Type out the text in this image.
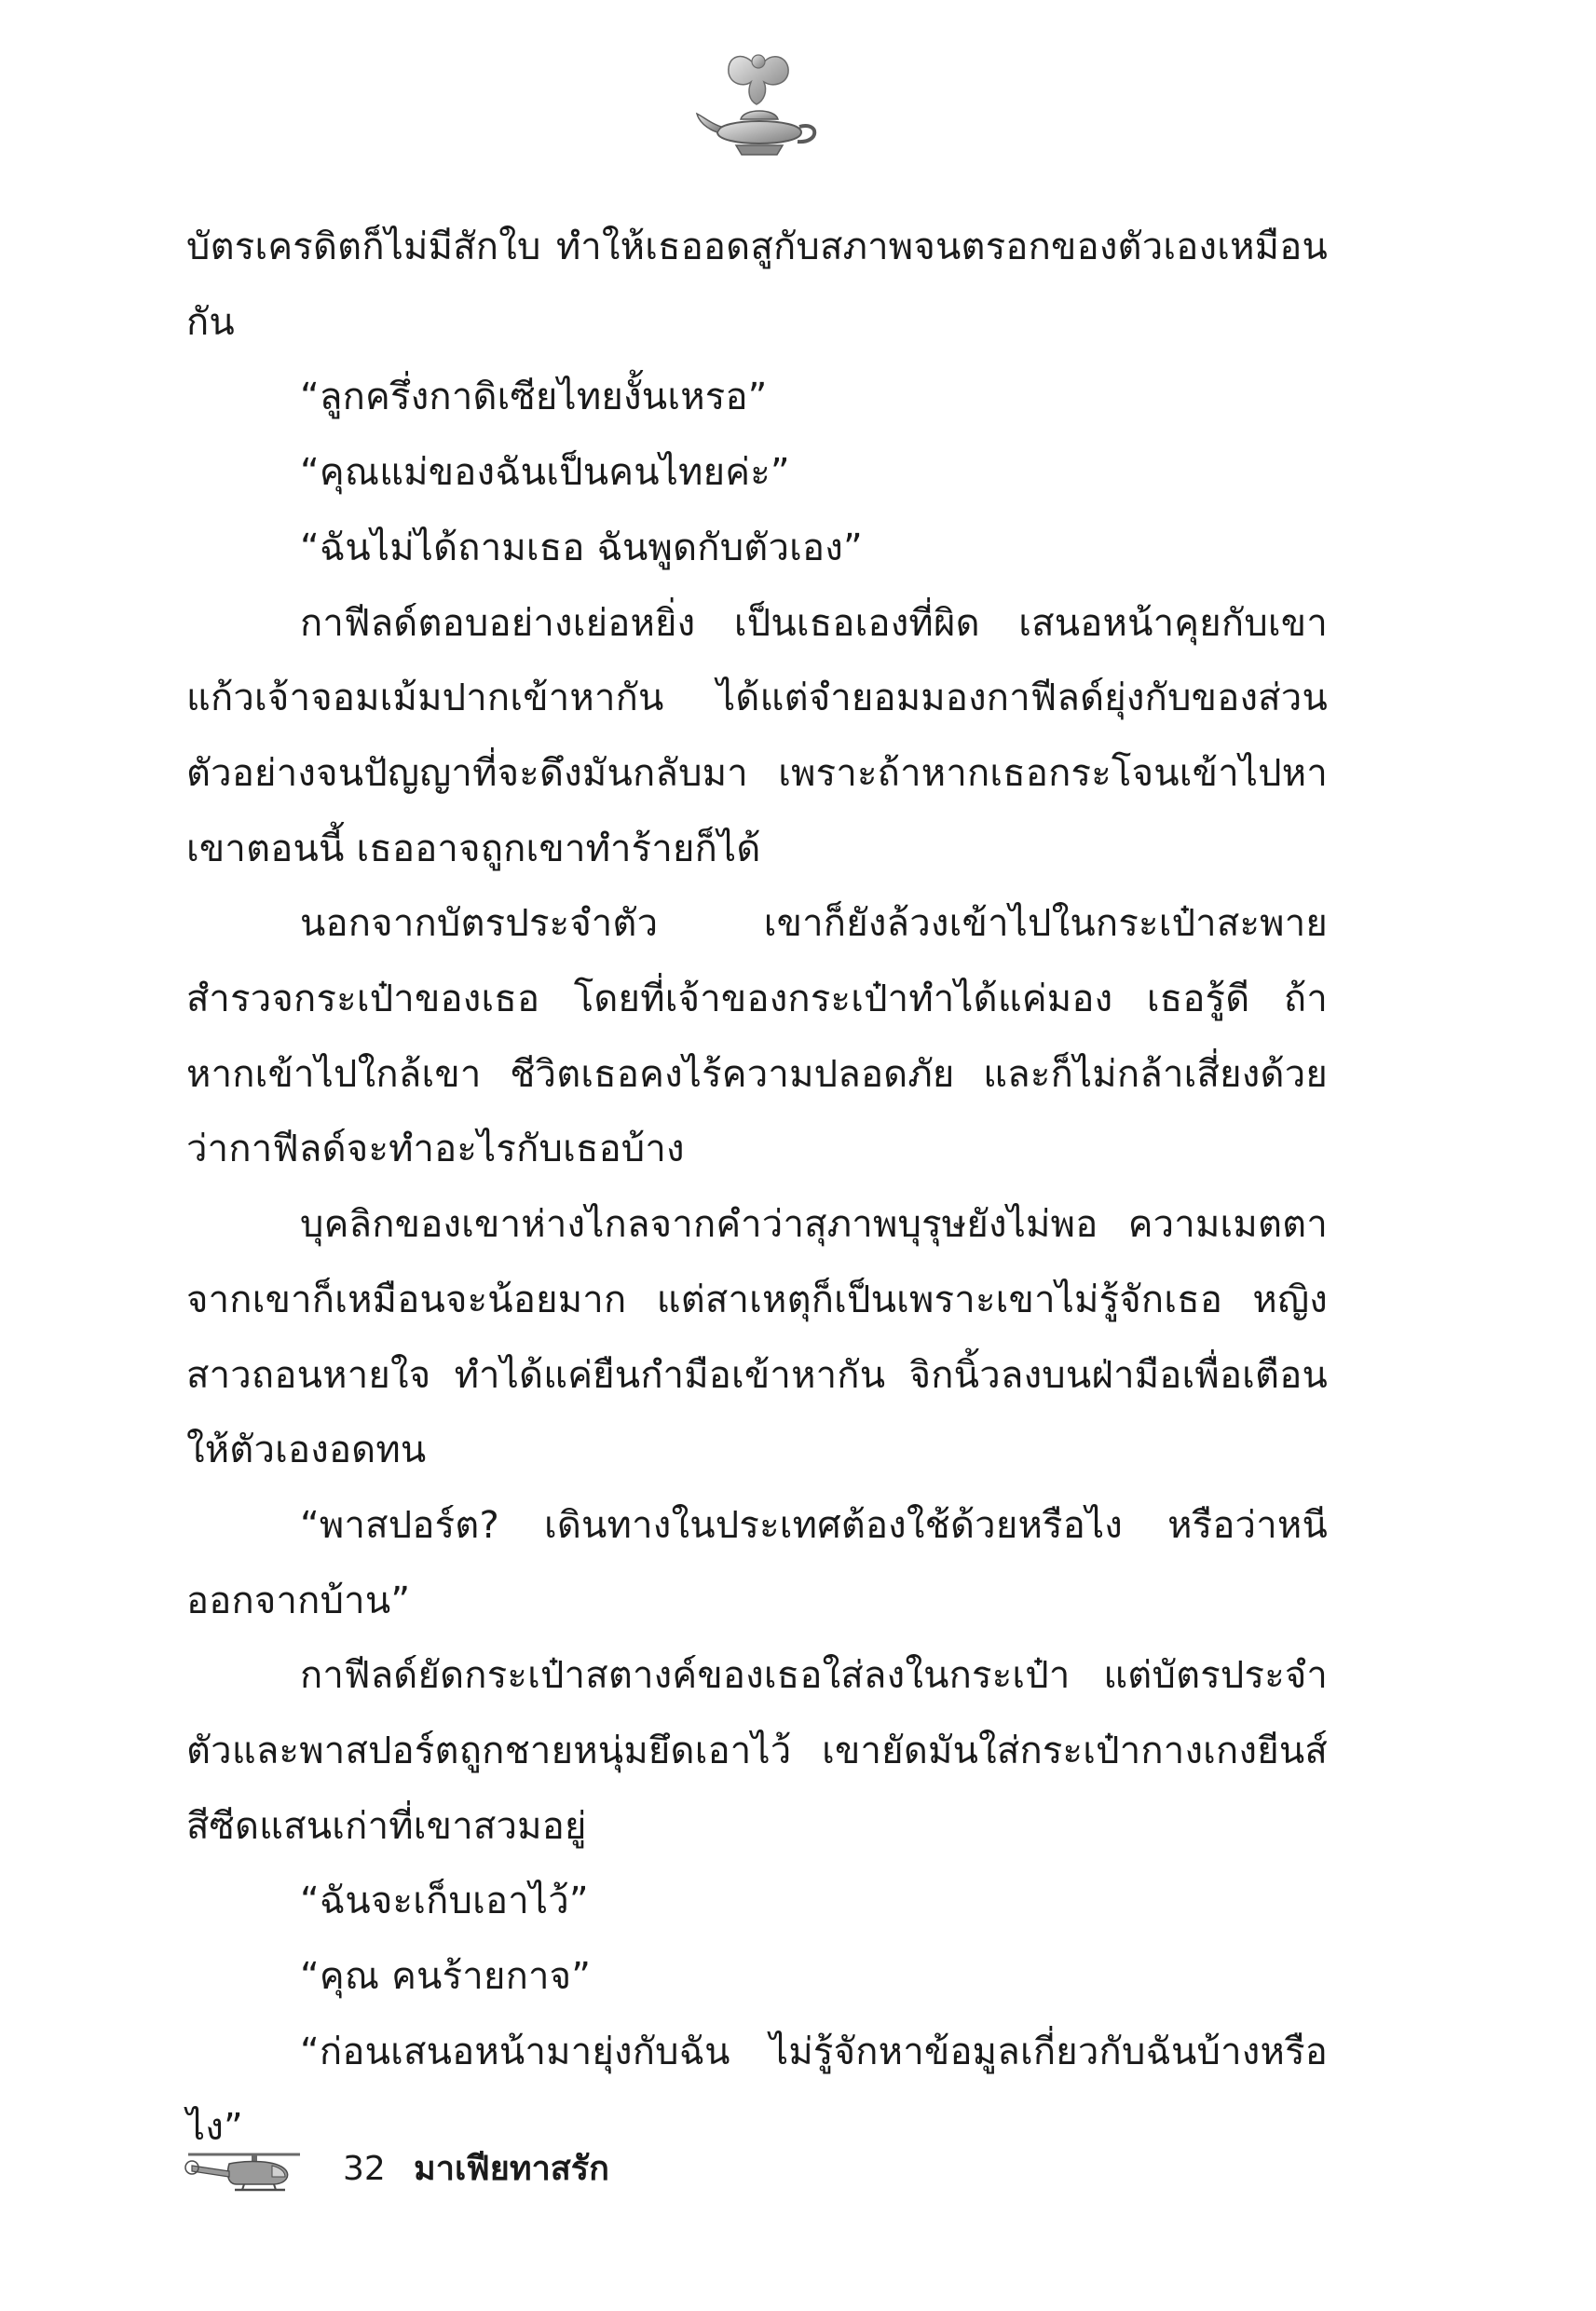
บัตรเครดิตก็ไม่มีสักใบ ทำให้เธออดสูกับสภาพจนตรอกของตัวเองเหมือนกัน

“ลูกครึ่งกาดิเซียไทยงั้นเหรอ”

“คุณแม่ของฉันเป็นคนไทยค่ะ”

“ฉันไม่ได้ถามเธอ ฉันพูดกับตัวเอง”

กาฟีลด์ตอบอย่างเย่อหยิ่ง เป็นเธอเองที่ผิด เสนอหน้าคุยกับเขา แก้วเจ้าจอมเม้มปากเข้าหากัน ได้แต่จำยอมมองกาฟีลด์ยุ่งกับของส่วนตัวอย่างจนปัญญาที่จะดึงมันกลับมา เพราะถ้าหากเธอกระโจนเข้าไปหาเขาตอนนี้ เธออาจถูกเขาทำร้ายก็ได้

นอกจากบัตรประจำตัว เขาก็ยังล้วงเข้าไปในกระเป๋าสะพาย สำรวจกระเป๋าของเธอ โดยที่เจ้าของกระเป๋าทำได้แค่มอง เธอรู้ดี ถ้าหากเข้าไปใกล้เขา ชีวิตเธอคงไร้ความปลอดภัย และก็ไม่กล้าเสี่ยงด้วยว่ากาฟีลด์จะทำอะไรกับเธอบ้าง

บุคลิกของเขาห่างไกลจากคำว่าสุภาพบุรุษยังไม่พอ ความเมตตาจากเขาก็เหมือนจะน้อยมาก แต่สาเหตุก็เป็นเพราะเขาไม่รู้จักเธอ หญิงสาวถอนหายใจ ทำได้แค่ยืนกำมือเข้าหากัน จิกนิ้วลงบนฝ่ามือเพื่อเตือนให้ตัวเองอดทน

“พาสปอร์ต? เดินทางในประเทศต้องใช้ด้วยหรือไง หรือว่าหนีออกจากบ้าน”

กาฟีลด์ยัดกระเป๋าสตางค์ของเธอใส่ลงในกระเป๋า แต่บัตรประจำตัวและพาสปอร์ตถูกชายหนุ่มยึดเอาไว้ เขายัดมันใส่กระเป๋ากางเกงยีนส์สีซีดแสนเก่าที่เขาสวมอยู่

“ฉันจะเก็บเอาไว้”

“คุณ คนร้ายกาจ”

“ก่อนเสนอหน้ามายุ่งกับฉัน ไม่รู้จักหาข้อมูลเกี่ยวกับฉันบ้างหรือไง”

32 มาเฟียทาสรัก
